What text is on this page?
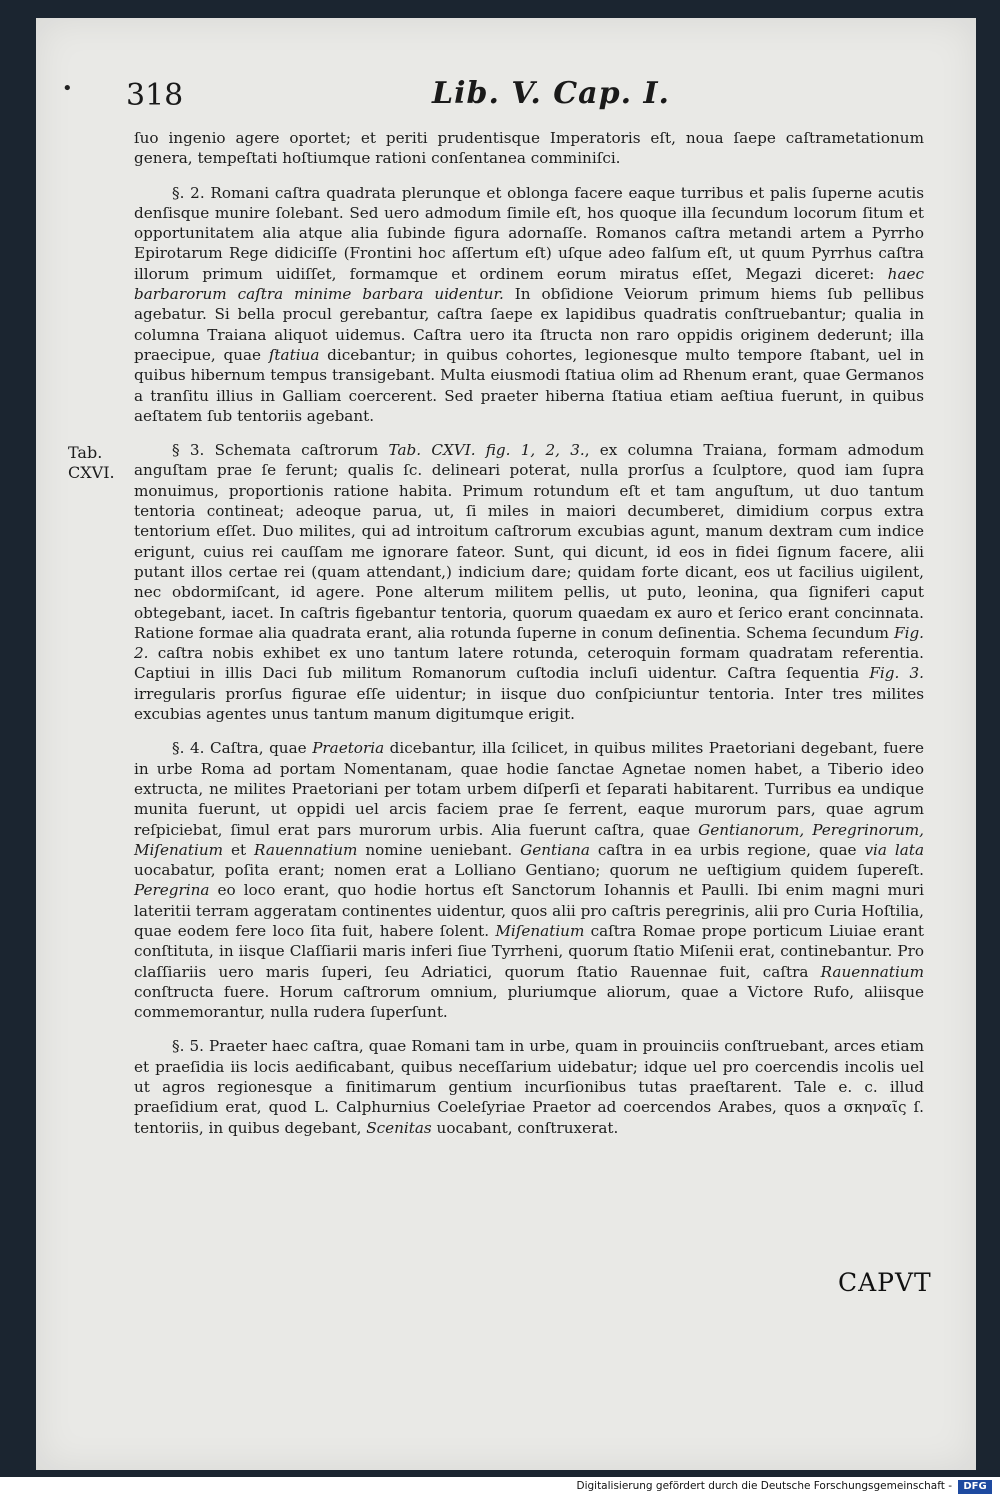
• 318	Lib. V. Cap. I.
Tab.
CXVI.

ſuo ingenio agere oportet; et periti prudentisque Imperatoris eſt, noua ſaepe caſtrametationum genera, tempeſtati hoſtiumque rationi conſentanea comminiſci.

§. 2. Romani caſtra quadrata plerunque et oblonga facere eaque turribus et palis ſuperne acutis denſisque munire ſolebant. Sed uero admodum ſimile eſt, hos quoque illa ſecundum locorum ſitum et opportunitatem alia atque alia ſubinde figura adornaſſe. Romanos caſtra metandi artem a Pyrrho Epirotarum Rege didiciſſe (Frontini hoc aſſertum eſt) uſque adeo falſum eſt, ut quum Pyrrhus caſtra illorum primum uidiſſet, formamque et ordinem eorum miratus eſſet, Megazi diceret: haec barbarorum caſtra minime barbara uidentur. In obſidione Veiorum primum hiems ſub pellibus agebatur. Si bella procul gerebantur, caſtra ſaepe ex lapidibus quadratis conſtruebantur; qualia in columna Traiana aliquot uidemus. Caſtra uero ita ſtructa non raro oppidis originem dederunt; illa praecipue, quae ſtatiua dicebantur; in quibus cohortes, legionesque multo tempore ſtabant, uel in quibus hibernum tempus transigebant. Multa eiusmodi ſtatiua olim ad Rhenum erant, quae Germanos a tranſitu illius in Galliam coercerent. Sed praeter hiberna ſtatiua etiam aeſtiua fuerunt, in quibus aeſtatem ſub tentoriis agebant.

§ 3. Schemata caſtrorum Tab. CXVI. fig. 1, 2, 3., ex columna Traiana, formam admodum anguſtam prae ſe ferunt; qualis ſc. delineari poterat, nulla prorſus a ſculptore, quod iam ſupra monuimus, proportionis ratione habita. Primum rotundum eſt et tam anguſtum, ut duo tantum tentoria contineat; adeoque parua, ut, ſi miles in maiori decumberet, dimidium corpus extra tentorium eſſet. Duo milites, qui ad introitum caſtrorum excubias agunt, manum dextram cum indice erigunt, cuius rei cauſſam me ignorare fateor. Sunt, qui dicunt, id eos in fidei ſignum facere, alii putant illos certae rei (quam attendant,) indicium dare; quidam forte dicant, eos ut facilius uigilent, nec obdormiſcant, id agere. Pone alterum militem pellis, ut puto, leonina, qua ſigniferi caput obtegebant, iacet. In caſtris figebantur tentoria, quorum quaedam ex auro et ſerico erant concinnata. Ratione formae alia quadrata erant, alia rotunda ſuperne in conum deſinentia. Schema ſecundum Fig. 2. caſtra nobis exhibet ex uno tantum latere rotunda, ceteroquin formam quadratam referentia. Captiui in illis Daci ſub militum Romanorum cuſtodia incluſi uidentur. Caſtra ſequentia Fig. 3. irregularis prorſus figurae eſſe uidentur; in iisque duo conſpiciuntur tentoria. Inter tres milites excubias agentes unus tantum manum digitumque erigit.

§. 4. Caſtra, quae Praetoria dicebantur, illa ſcilicet, in quibus milites Praetoriani degebant, fuere in urbe Roma ad portam Nomentanam, quae hodie ſanctae Agnetae nomen habet, a Tiberio ideo extructa, ne milites Praetoriani per totam urbem diſperſi et ſeparati habitarent. Turribus ea undique munita fuerunt, ut oppidi uel arcis faciem prae ſe ferrent, eaque murorum pars, quae agrum reſpiciebat, ſimul erat pars murorum urbis. Alia fuerunt caſtra, quae Gentianorum, Peregrinorum, Miſenatium et Rauennatium nomine ueniebant. Gentiana caſtra in ea urbis regione, quae via lata uocabatur, poſita erant; nomen erat a Lolliano Gentiano; quorum ne ueſtigium quidem ſupereſt. Peregrina eo loco erant, quo hodie hortus eſt Sanctorum Iohannis et Paulli. Ibi enim magni muri lateritii terram aggeratam continentes uidentur, quos alii pro caſtris peregrinis, alii pro Curia Hoſtilia, quae eodem fere loco ſita fuit, habere ſolent. Miſenatium caſtra Romae prope porticum Liuiae erant conſtituta, in iisque Claſſiarii maris inferi ſiue Tyrrheni, quorum ſtatio Miſenii erat, continebantur. Pro claſſiariis uero maris ſuperi, ſeu Adriatici, quorum ſtatio Rauennae fuit, caſtra Rauennatium conſtructa fuere. Horum caſtrorum omnium, pluriumque aliorum, quae a Victore Rufo, aliisque commemorantur, nulla rudera ſuperſunt.

§. 5. Praeter haec caſtra, quae Romani tam in urbe, quam in prouinciis conſtruebant, arces etiam et praeſidia iis locis aedificabant, quibus neceſſarium uidebatur; idque uel pro coercendis incolis uel ut agros regionesque a finitimarum gentium incurſionibus tutas praeſtarent. Tale e. c. illud praeſidium erat, quod L. Calphurnius Coeleſyriae Praetor ad coercendos Arabes, quos a σκηναῖς ſ. tentoriis, in quibus degebant, Scenitas uocabant, conſtruxerat.

CAPVT
Digitalisierung gefördert durch die Deutsche Forschungsgemeinschaft -	DFG
